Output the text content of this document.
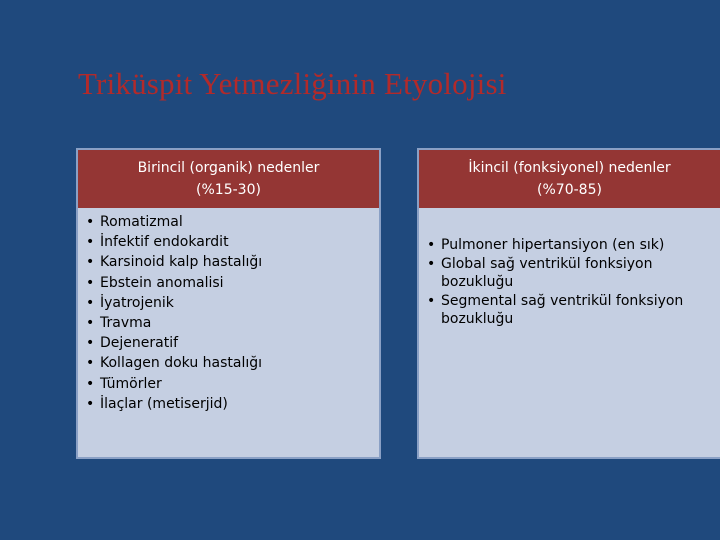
Triküspit Yetmezliğinin Etyolojisi
Birincil (organik) nedenler
(%15-30)
• Romatizmal
• İnfektif endokardit
• Karsinoid kalp hastalığı
• Ebstein anomalisi
• İyatrojenik
• Travma
• Dejeneratif
• Kollagen doku hastalığı
• Tümörler
• İlaçlar (metiserjid)
İkincil (fonksiyonel) nedenler
(%70-85)
• Pulmoner hipertansiyon (en sık)
• Global sağ ventrikül fonksiyon bozukluğu
• Segmental sağ ventrikül fonksiyon bozukluğu
